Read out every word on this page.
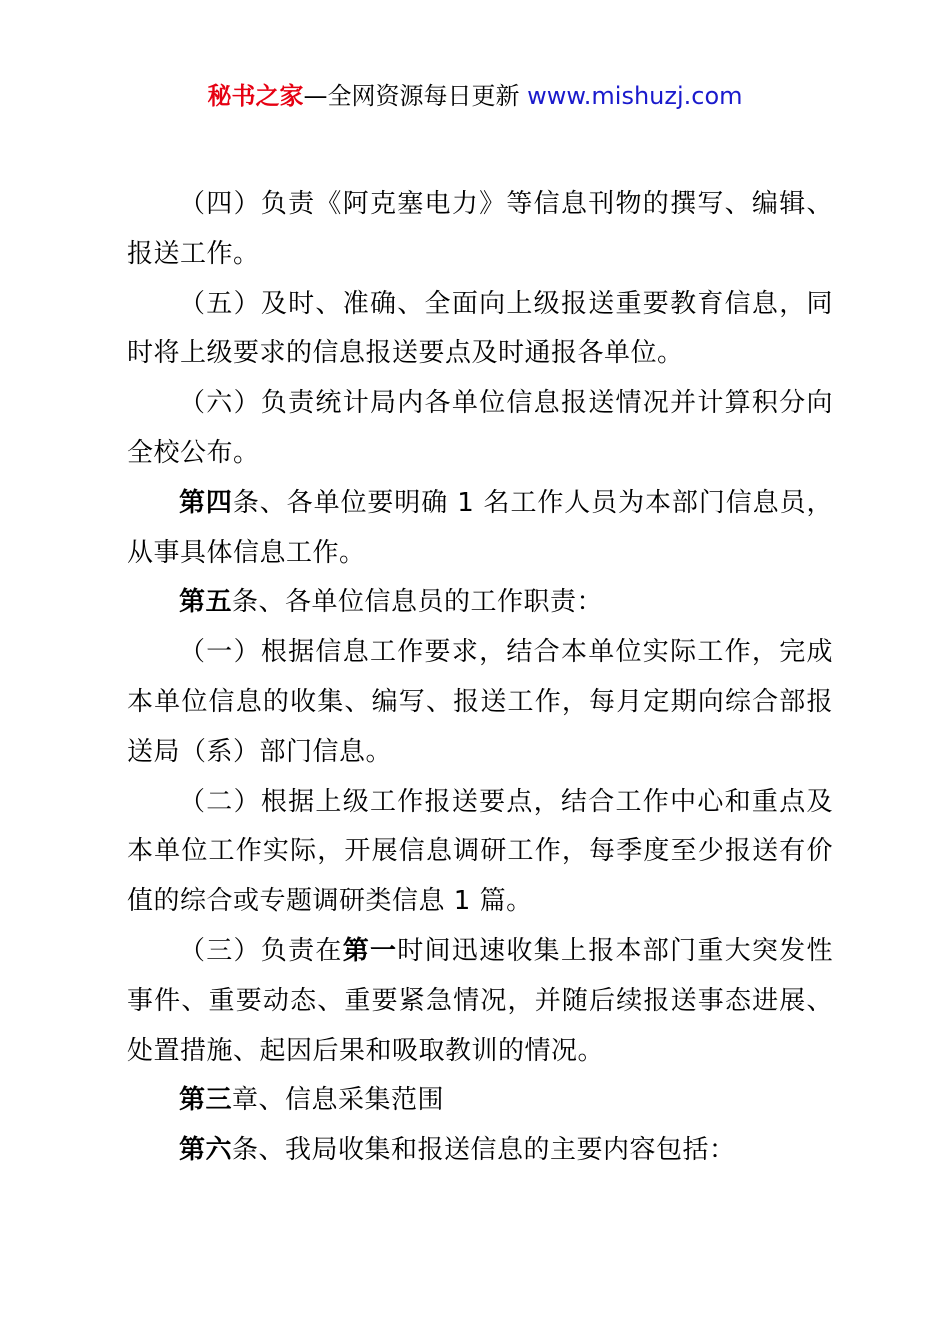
秘书之家—全网资源每日更新 www.mishuzj.com

（四）负责《阿克塞电力》等信息刊物的撰写、编辑、报送工作。

（五）及时、准确、全面向上级报送重要教育信息，同时将上级要求的信息报送要点及时通报各单位。

（六）负责统计局内各单位信息报送情况并计算积分向全校公布。

第四条、各单位要明确 1 名工作人员为本部门信息员，从事具体信息工作。

第五条、各单位信息员的工作职责：

（一）根据信息工作要求，结合本单位实际工作，完成本单位信息的收集、编写、报送工作，每月定期向综合部报送局（系）部门信息。

（二）根据上级工作报送要点，结合工作中心和重点及本单位工作实际，开展信息调研工作，每季度至少报送有价值的综合或专题调研类信息 1 篇。

（三）负责在第一时间迅速收集上报本部门重大突发性事件、重要动态、重要紧急情况，并随后续报送事态进展、处置措施、起因后果和吸取教训的情况。

第三章、信息采集范围

第六条、我局收集和报送信息的主要内容包括：
